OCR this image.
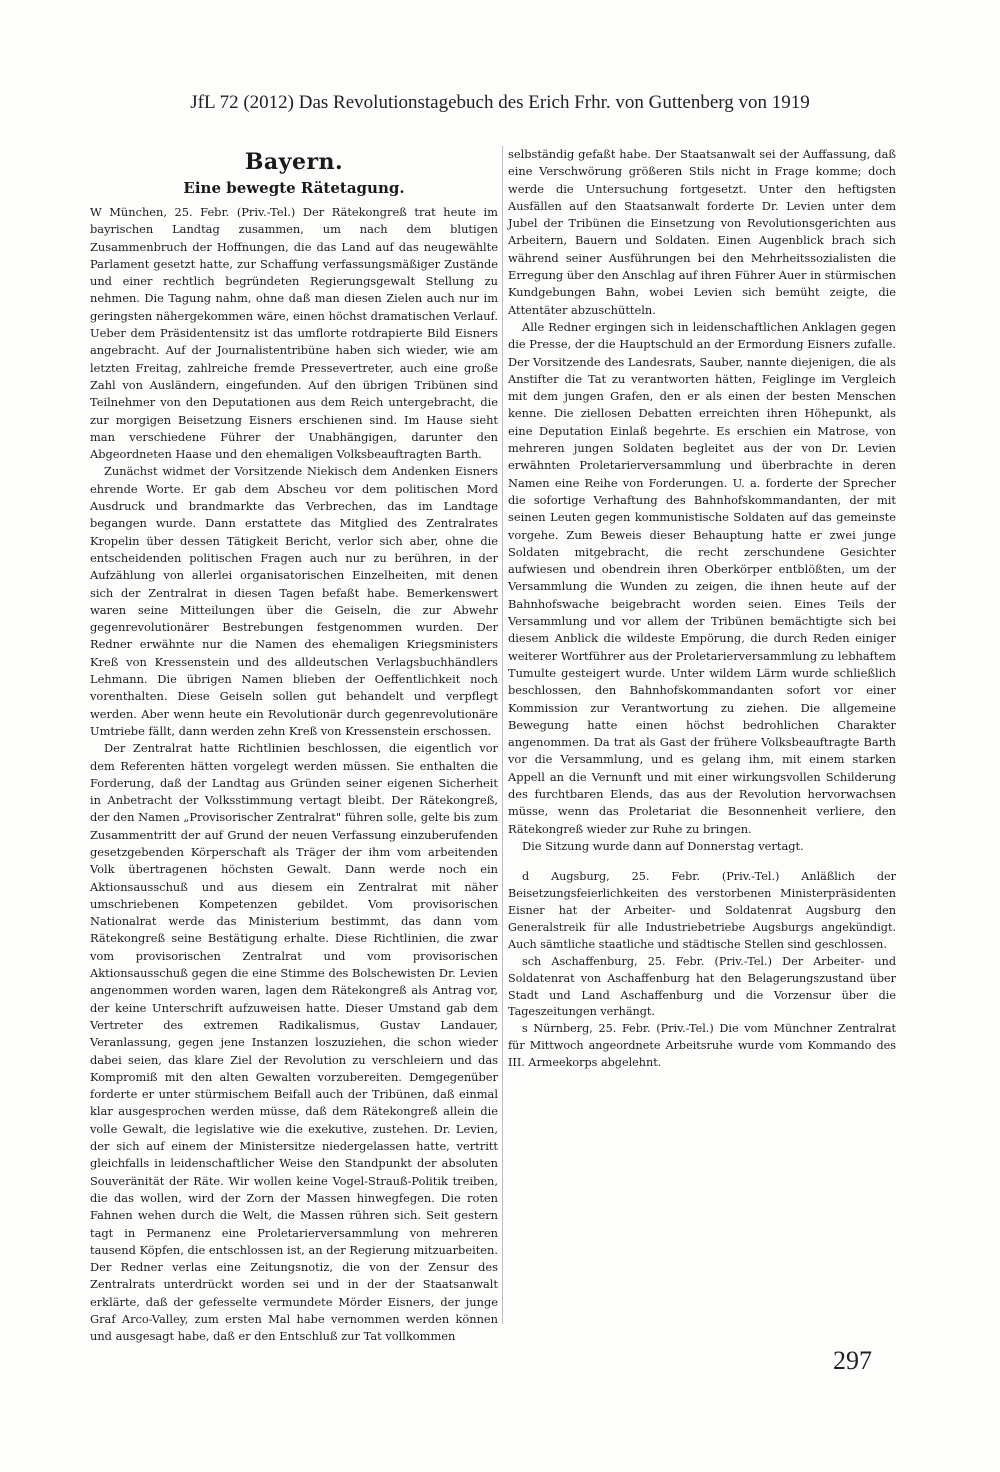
JfL 72 (2012) Das Revolutionstagebuch des Erich Frhr. von Guttenberg von 1919
Bayern.
Eine bewegte Rätetagung.

W München, 25. Febr. (Priv.-Tel.) Der Rätekongreß trat heute im bayrischen Landtag zusammen, um nach dem blutigen Zusammenbruch der Hoffnungen, die das Land auf das neugewählte Parlament gesetzt hatte, zur Schaffung verfassungsmäßiger Zustände und einer rechtlich begründeten Regierungsgewalt Stellung zu nehmen. Die Tagung nahm, ohne daß man diesen Zielen auch nur im geringsten nähergekommen wäre, einen höchst dramatischen Verlauf. Ueber dem Präsidentensitz ist das umflorte rotdrapierte Bild Eisners angebracht. Auf der Journalistentribüne haben sich wieder, wie am letzten Freitag, zahlreiche fremde Pressevertreter, auch eine große Zahl von Ausländern, eingefunden. Auf den übrigen Tribünen sind Teilnehmer von den Deputationen aus dem Reich untergebracht, die zur morgigen Beisetzung Eisners erschienen sind. Im Hause sieht man verschiedene Führer der Unabhängigen, darunter den Abgeordneten Haase und den ehemaligen Volksbeauftragten Barth.

Zunächst widmet der Vorsitzende Niekisch dem Andenken Eisners ehrende Worte. Er gab dem Abscheu vor dem politischen Mord Ausdruck und brandmarkte das Verbrechen, das im Landtage begangen wurde. Dann erstattete das Mitglied des Zentralrates Kropelin über dessen Tätigkeit Bericht, verlor sich aber, ohne die entscheidenden politischen Fragen auch nur zu berühren, in der Aufzählung von allerlei organisatorischen Einzelheiten, mit denen sich der Zentralrat in diesen Tagen befaßt habe. Bemerkenswert waren seine Mitteilungen über die Geiseln, die zur Abwehr gegenrevolutionärer Bestrebungen festgenommen wurden. Der Redner erwähnte nur die Namen des ehemaligen Kriegsministers Kreß von Kressenstein und des alldeutschen Verlagsbuchhändlers Lehmann. Die übrigen Namen blieben der Oeffentlichkeit noch vorenthalten. Diese Geiseln sollen gut behandelt und verpflegt werden. Aber wenn heute ein Revolutionär durch gegenrevolutionäre Umtriebe fällt, dann werden zehn Kreß von Kressenstein erschossen.

Der Zentralrat hatte Richtlinien beschlossen, die eigentlich vor dem Referenten hätten vorgelegt werden müssen. Sie enthalten die Forderung, daß der Landtag aus Gründen seiner eigenen Sicherheit in Anbetracht der Volksstimmung vertagt bleibt. Der Rätekongreß, der den Namen „Provisorischer Zentralrat" führen solle, gelte bis zum Zusammentritt der auf Grund der neuen Verfassung einzuberufenden gesetzgebenden Körperschaft als Träger der ihm vom arbeitenden Volk übertragenen höchsten Gewalt. Dann werde noch ein Aktionsausschuß und aus diesem ein Zentralrat mit näher umschriebenen Kompetenzen gebildet. Vom provisorischen Nationalrat werde das Ministerium bestimmt, das dann vom Rätekongreß seine Bestätigung erhalte. Diese Richtlinien, die zwar vom provisorischen Zentralrat und vom provisorischen Aktionsausschuß gegen die eine Stimme des Bolschewisten Dr. Levien angenommen worden waren, lagen dem Rätekongreß als Antrag vor, der keine Unterschrift aufzuweisen hatte. Dieser Umstand gab dem Vertreter des extremen Radikalismus, Gustav Landauer, Veranlassung, gegen jene Instanzen loszuziehen, die schon wieder dabei seien, das klare Ziel der Revolution zu verschleiern und das Kompromiß mit den alten Gewalten vorzubereiten. Demgegenüber forderte er unter stürmischem Beifall auch der Tribünen, daß einmal klar ausgesprochen werden müsse, daß dem Rätekongreß allein die volle Gewalt, die legislative wie die exekutive, zustehen. Dr. Levien, der sich auf einem der Ministersitze niedergelassen hatte, vertritt gleichfalls in leidenschaftlicher Weise den Standpunkt der absoluten Souveränität der Räte. Wir wollen keine Vogel-Strauß-Politik treiben, die das wollen, wird der Zorn der Massen hinwegfegen. Die roten Fahnen wehen durch die Welt, die Massen rühren sich. Seit gestern tagt in Permanenz eine Proletarierversammlung von mehreren tausend Köpfen, die entschlossen ist, an der Regierung mitzuarbeiten. Der Redner verlas eine Zeitungsnotiz, die von der Zensur des Zentralrats unterdrückt worden sei und in der der Staatsanwalt erklärte, daß der gefesselte vermundete Mörder Eisners, der junge Graf Arco-Valley, zum ersten Mal habe vernommen werden können und ausgesagt habe, daß er den Entschluß zur Tat vollkommen

selbständig gefaßt habe. Der Staatsanwalt sei der Auffassung, daß eine Verschwörung größeren Stils nicht in Frage komme; doch werde die Untersuchung fortgesetzt. Unter den heftigsten Ausfällen auf den Staatsanwalt forderte Dr. Levien unter dem Jubel der Tribünen die Einsetzung von Revolutionsgerichten aus Arbeitern, Bauern und Soldaten. Einen Augenblick brach sich während seiner Ausführungen bei den Mehrheitssozialisten die Erregung über den Anschlag auf ihren Führer Auer in stürmischen Kundgebungen Bahn, wobei Levien sich bemüht zeigte, die Attentäter abzuschütteln.

Alle Redner ergingen sich in leidenschaftlichen Anklagen gegen die Presse, der die Hauptschuld an der Ermordung Eisners zufalle. Der Vorsitzende des Landesrats, Sauber, nannte diejenigen, die als Anstifter die Tat zu verantworten hätten, Feiglinge im Vergleich mit dem jungen Grafen, den er als einen der besten Menschen kenne. Die ziellosen Debatten erreichten ihren Höhepunkt, als eine Deputation Einlaß begehrte. Es erschien ein Matrose, von mehreren jungen Soldaten begleitet aus der von Dr. Levien erwähnten Proletarierversammlung und überbrachte in deren Namen eine Reihe von Forderungen. U. a. forderte der Sprecher die sofortige Verhaftung des Bahnhofskommandanten, der mit seinen Leuten gegen kommunistische Soldaten auf das gemeinste vorgehe. Zum Beweis dieser Behauptung hatte er zwei junge Soldaten mitgebracht, die recht zerschundene Gesichter aufwiesen und obendrein ihren Oberkörper entblößten, um der Versammlung die Wunden zu zeigen, die ihnen heute auf der Bahnhofswache beigebracht worden seien. Eines Teils der Versammlung und vor allem der Tribünen bemächtigte sich bei diesem Anblick die wildeste Empörung, die durch Reden einiger weiterer Wortführer aus der Proletarierversammlung zu lebhaftem Tumulte gesteigert wurde. Unter wildem Lärm wurde schließlich beschlossen, den Bahnhofskommandanten sofort vor einer Kommission zur Verantwortung zu ziehen. Die allgemeine Bewegung hatte einen höchst bedrohlichen Charakter angenommen. Da trat als Gast der frühere Volksbeauftragte Barth vor die Versammlung, und es gelang ihm, mit einem starken Appell an die Vernunft und mit einer wirkungsvollen Schilderung des furchtbaren Elends, das aus der Revolution hervorwachsen müsse, wenn das Proletariat die Besonnenheit verliere, den Rätekongreß wieder zur Ruhe zu bringen.

Die Sitzung wurde dann auf Donnerstag vertagt.

d Augsburg, 25. Febr. (Priv.-Tel.) Anläßlich der Beisetzungsfeierlichkeiten des verstorbenen Ministerpräsidenten Eisner hat der Arbeiter- und Soldatenrat Augsburg den Generalstreik für alle Industriebetriebe Augsburgs angekündigt. Auch sämtliche staatliche und städtische Stellen sind geschlossen.

sch Aschaffenburg, 25. Febr. (Priv.-Tel.) Der Arbeiter- und Soldatenrat von Aschaffenburg hat den Belagerungszustand über Stadt und Land Aschaffenburg und die Vorzensur über die Tageszeitungen verhängt.

s Nürnberg, 25. Febr. (Priv.-Tel.) Die vom Münchner Zentralrat für Mittwoch angeordnete Arbeitsruhe wurde vom Kommando des III. Armeekorps abgelehnt.

297
